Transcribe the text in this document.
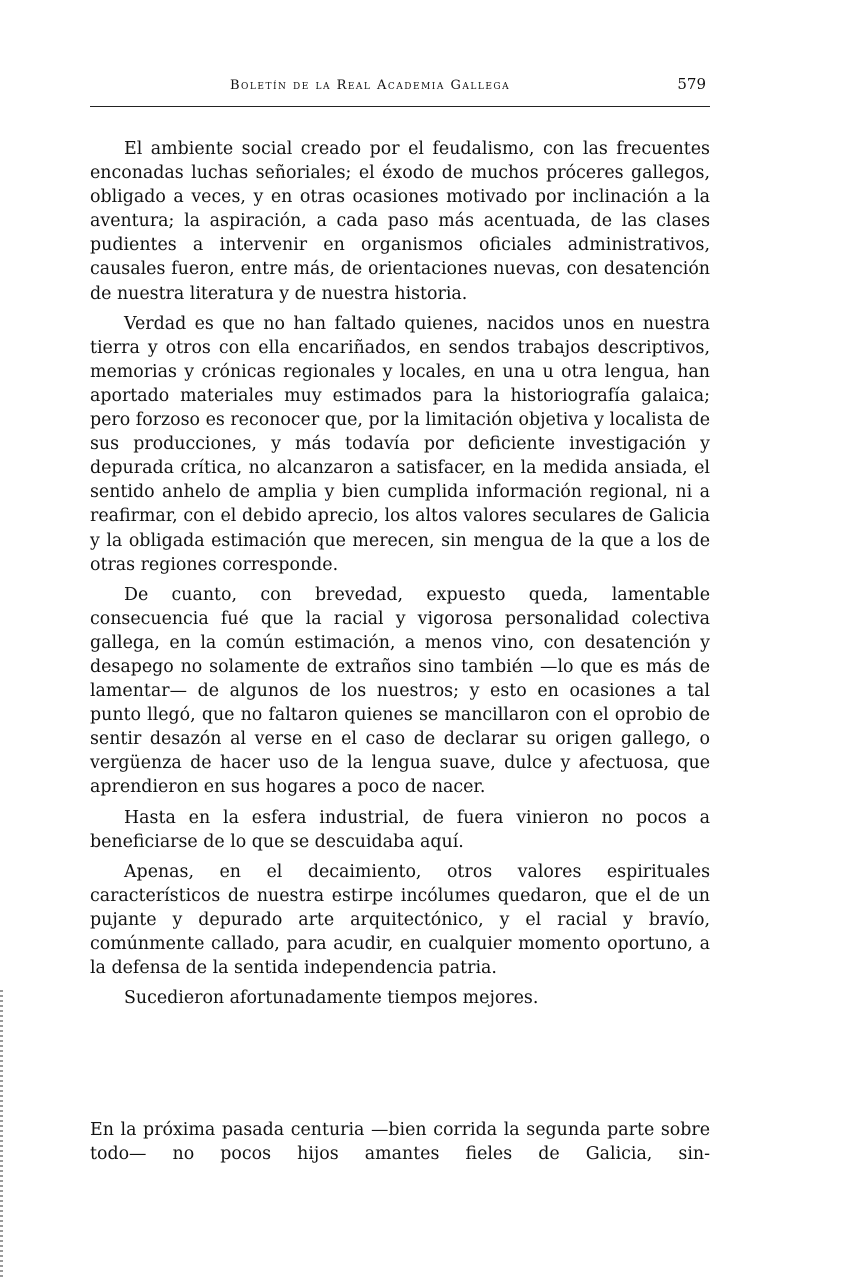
Boletín de la Real Academia Gallega	579

El ambiente social creado por el feudalismo, con las frecuentes enconadas luchas señoriales; el éxodo de muchos próceres gallegos, obligado a veces, y en otras ocasiones motivado por inclinación a la aventura; la aspiración, a cada paso más acentuada, de las clases pudientes a intervenir en organismos oficiales administrativos, causales fueron, entre más, de orientaciones nuevas, con desatención de nuestra literatura y de nuestra historia.

Verdad es que no han faltado quienes, nacidos unos en nuestra tierra y otros con ella encariñados, en sendos trabajos descriptivos, memorias y crónicas regionales y locales, en una u otra lengua, han aportado materiales muy estimados para la historiografía galaica; pero forzoso es reconocer que, por la limitación objetiva y localista de sus producciones, y más todavía por deficiente investigación y depurada crítica, no alcanzaron a satisfacer, en la medida ansiada, el sentido anhelo de amplia y bien cumplida información regional, ni a reafirmar, con el debido aprecio, los altos valores seculares de Galicia y la obligada estimación que merecen, sin mengua de la que a los de otras regiones corresponde.

De cuanto, con brevedad, expuesto queda, lamentable consecuencia fué que la racial y vigorosa personalidad colectiva gallega, en la común estimación, a menos vino, con desatención y desapego no solamente de extraños sino también —lo que es más de lamentar— de algunos de los nuestros; y esto en ocasiones a tal punto llegó, que no faltaron quienes se mancillaron con el oprobio de sentir desazón al verse en el caso de declarar su origen gallego, o vergüenza de hacer uso de la lengua suave, dulce y afectuosa, que aprendieron en sus hogares a poco de nacer.

Hasta en la esfera industrial, de fuera vinieron no pocos a beneficiarse de lo que se descuidaba aquí.

Apenas, en el decaimiento, otros valores espirituales característicos de nuestra estirpe incólumes quedaron, que el de un pujante y depurado arte arquitectónico, y el racial y bravío, comúnmente callado, para acudir, en cualquier momento oportuno, a la defensa de la sentida independencia patria.

Sucedieron afortunadamente tiempos mejores.

En la próxima pasada centuria —bien corrida la segunda parte sobre todo— no pocos hijos amantes fieles de Galicia, sin-
